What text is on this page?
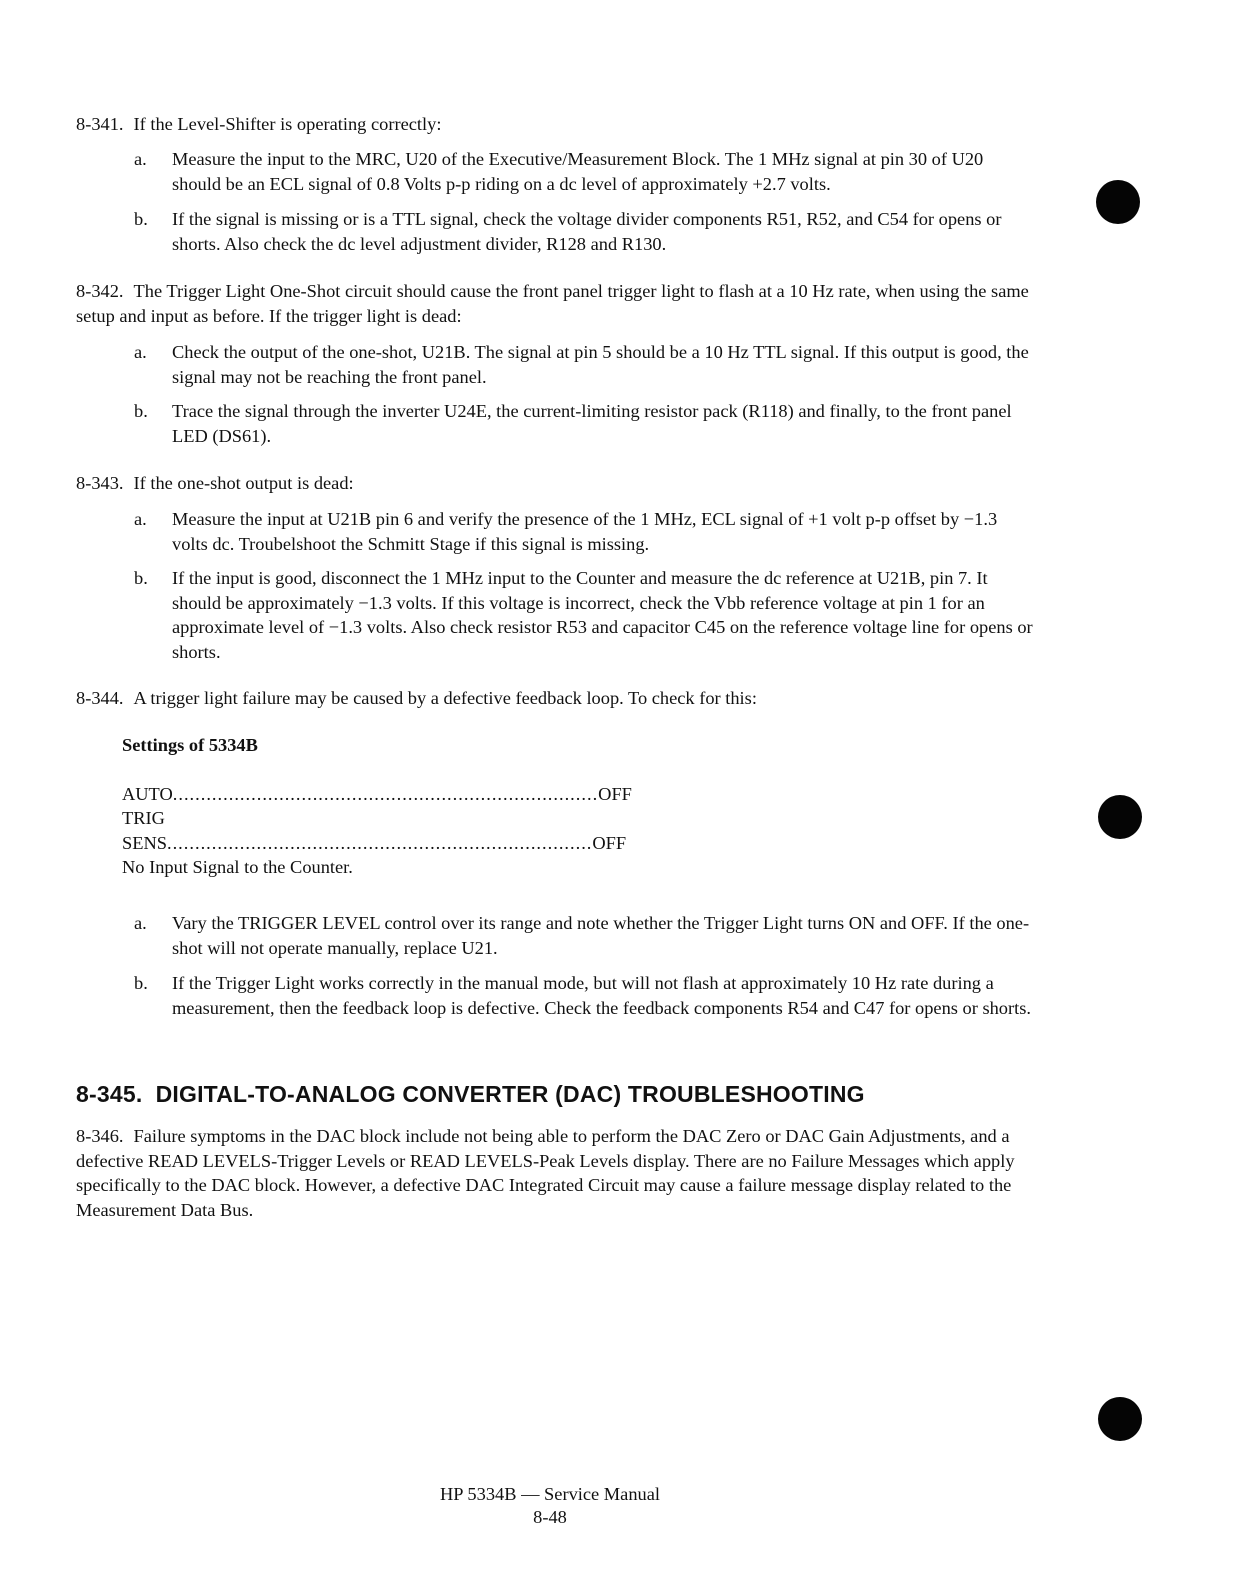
8-341. If the Level-Shifter is operating correctly:
a. Measure the input to the MRC, U20 of the Executive/Measurement Block. The 1 MHz signal at pin 30 of U20 should be an ECL signal of 0.8 Volts p-p riding on a dc level of approximately +2.7 volts.
b. If the signal is missing or is a TTL signal, check the voltage divider components R51, R52, and C54 for opens or shorts. Also check the dc level adjustment divider, R128 and R130.
8-342. The Trigger Light One-Shot circuit should cause the front panel trigger light to flash at a 10 Hz rate, when using the same setup and input as before. If the trigger light is dead:
a. Check the output of the one-shot, U21B. The signal at pin 5 should be a 10 Hz TTL signal. If this output is good, the signal may not be reaching the front panel.
b. Trace the signal through the inverter U24E, the current-limiting resistor pack (R118) and finally, to the front panel LED (DS61).
8-343. If the one-shot output is dead:
a. Measure the input at U21B pin 6 and verify the presence of the 1 MHz, ECL signal of +1 volt p-p offset by −1.3 volts dc. Troubelshoot the Schmitt Stage if this signal is missing.
b. If the input is good, disconnect the 1 MHz input to the Counter and measure the dc reference at U21B, pin 7. It should be approximately −1.3 volts. If this voltage is incorrect, check the Vbb reference voltage at pin 1 for an approximate level of −1.3 volts. Also check resistor R53 and capacitor C45 on the reference voltage line for opens or shorts.
8-344. A trigger light failure may be caused by a defective feedback loop. To check for this:
Settings of 5334B
AUTO TRIG
............................................................................ OFF
SENS ............................................................................ OFF
No Input Signal to the Counter.
a. Vary the TRIGGER LEVEL control over its range and note whether the Trigger Light turns ON and OFF. If the one-shot will not operate manually, replace U21.
b. If the Trigger Light works correctly in the manual mode, but will not flash at approximately 10 Hz rate during a measurement, then the feedback loop is defective. Check the feedback components R54 and C47 for opens or shorts.
8-345.  DIGITAL-TO-ANALOG CONVERTER (DAC) TROUBLESHOOTING
8-346. Failure symptoms in the DAC block include not being able to perform the DAC Zero or DAC Gain Adjustments, and a defective READ LEVELS-Trigger Levels or READ LEVELS-Peak Levels display. There are no Failure Messages which apply specifically to the DAC block. However, a defective DAC Integrated Circuit may cause a failure message display related to the Measurement Data Bus.
HP 5334B — Service Manual
8-48
